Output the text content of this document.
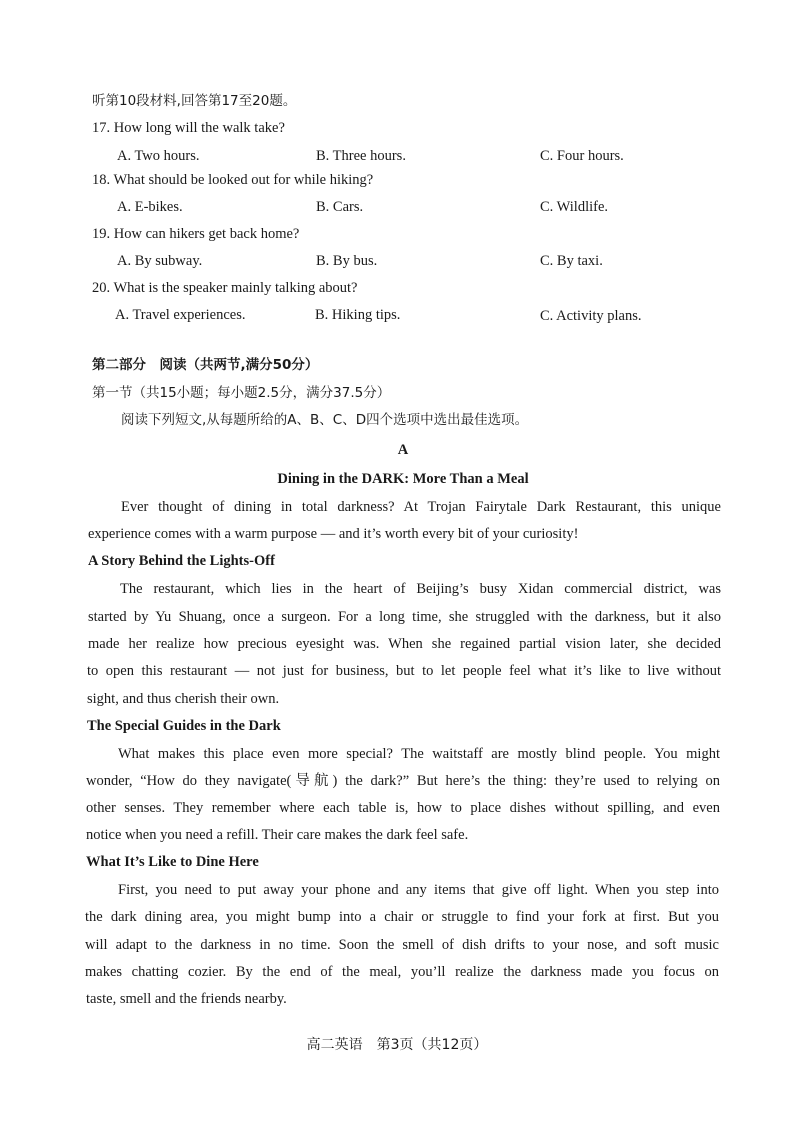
听第10段材料,回答第17至20题。
17. How long will the walk take?
A. Two hours.	B. Three hours.	C. Four hours.
18. What should be looked out for while hiking?
A. E-bikes.	B. Cars.	C. Wildlife.
19. How can hikers get back home?
A. By subway.	B. By bus.	C. By taxi.
20. What is the speaker mainly talking about?
A. Travel experiences.	B. Hiking tips.	C. Activity plans.
第二部分　阅读（共两节,满分50分）
第一节（共15小题；每小题2.5分，满分37.5分）
阅读下列短文,从每题所给的A、B、C、D四个选项中选出最佳选项。
A
Dining in the DARK: More Than a Meal
Ever thought of dining in total darkness? At Trojan Fairytale Dark Restaurant, this unique
experience comes with a warm purpose — and it’s worth every bit of your curiosity!
A Story Behind the Lights-Off
The restaurant, which lies in the heart of Beijing’s busy Xidan commercial district, was
started by Yu Shuang, once a surgeon. For a long time, she struggled with the darkness, but it also
made her realize how precious eyesight was. When she regained partial vision later, she decided
to open this restaurant — not just for business, but to let people feel what it’s like to live without
sight, and thus cherish their own.
The Special Guides in the Dark
What makes this place even more special? The waitstaff are mostly blind people. You might
wonder, “How do they navigate(导航) the dark?” But here’s the thing: they’re used to relying on
other senses. They remember where each table is, how to place dishes without spilling, and even
notice when you need a refill. Their care makes the dark feel safe.
What It’s Like to Dine Here
First, you need to put away your phone and any items that give off light. When you step into
the dark dining area, you might bump into a chair or struggle to find your fork at first. But you
will adapt to the darkness in no time. Soon the smell of dish drifts to your nose, and soft music
makes chatting cozier. By the end of the meal, you’ll realize the darkness made you focus on
taste, smell and the friends nearby.
高二英语　第3页（共12页）
